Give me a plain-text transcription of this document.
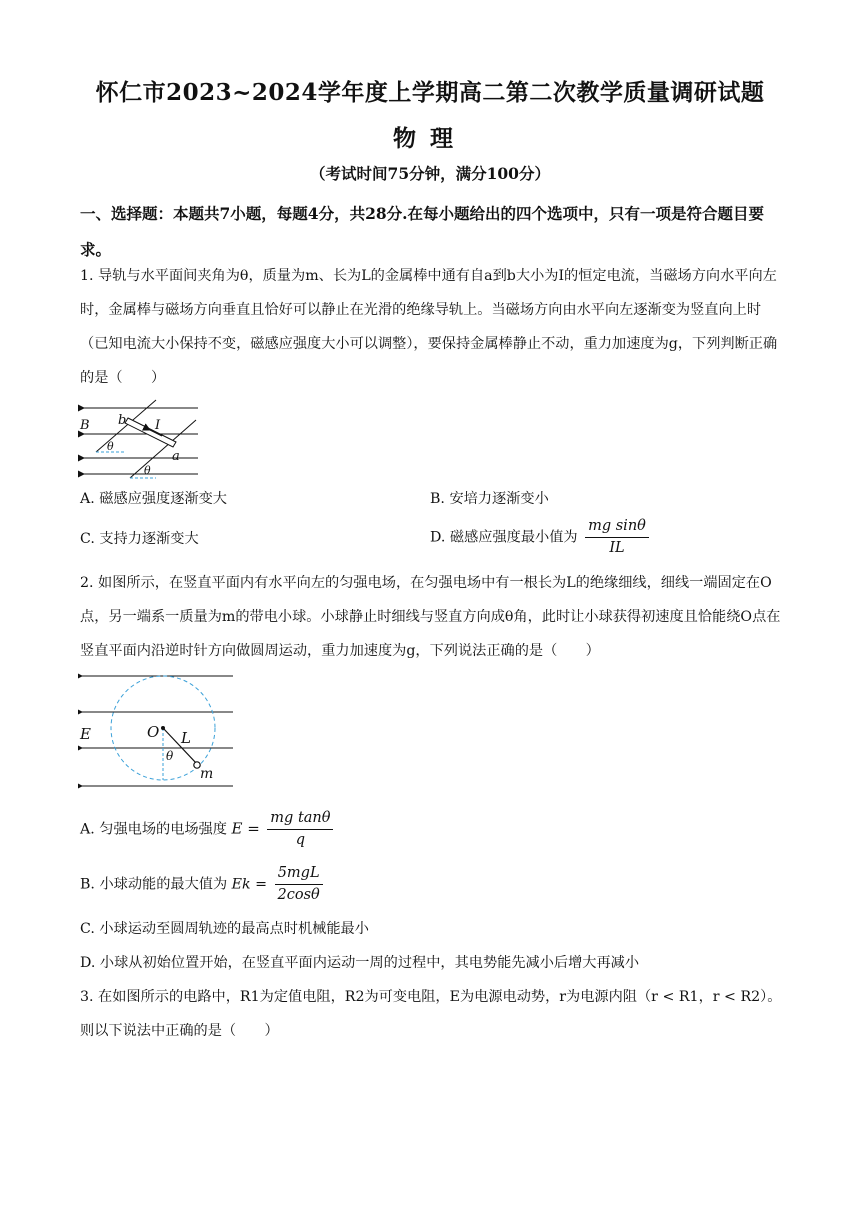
怀仁市2023~2024学年度上学期高二第二次教学质量调研试题
物理
（考试时间75分钟，满分100分）
一、选择题：本题共7小题，每题4分，共28分.在每小题给出的四个选项中，只有一项是符合题目要求。
1. 导轨与水平面间夹角为θ，质量为m、长为L的金属棒中通有自a到b大小为I的恒定电流，当磁场方向水平向左时，金属棒与磁场方向垂直且恰好可以静止在光滑的绝缘导轨上。当磁场方向由水平向左逐渐变为竖直向上时（已知电流大小保持不变，磁感应强度大小可以调整），要保持金属棒静止不动，重力加速度为g，下列判断正确的是（　　）
B b I
a
θ
θ
A. 磁感应强度逐渐变大	B. 安培力逐渐变小
C. 支持力逐渐变大	D. 磁感应强度最小值为 $\frac{\text{mg sinθ}}{IL}$
2. 如图所示，在竖直平面内有水平向左的匀强电场，在匀强电场中有一根长为L的绝缘细线，细线一端固定在O点，另一端系一质量为m的带电小球。小球静止时细线与竖直方向成θ角，此时让小球获得初速度且恰能绕O点在竖直平面内沿逆时针方向做圆周运动，重力加速度为g，下列说法正确的是（　　）
E	O L
θ
m
A. 匀强电场的电场强度 $E = \frac{\text{mg tanθ}}{q}$
B. 小球动能的最大值为 $Ek = \frac{\text{5mgL}}{2\cos\theta}$
C. 小球运动至圆周轨迹的最高点时机械能最小
D. 小球从初始位置开始，在竖直平面内运动一周的过程中，其电势能先减小后增大再减小
3. 在如图所示的电路中，R1为定值电阻，R2为可变电阻，E为电源电动势，r为电源内阻（r < R1，r < R2）。则以下说法中正确的是（　　）
